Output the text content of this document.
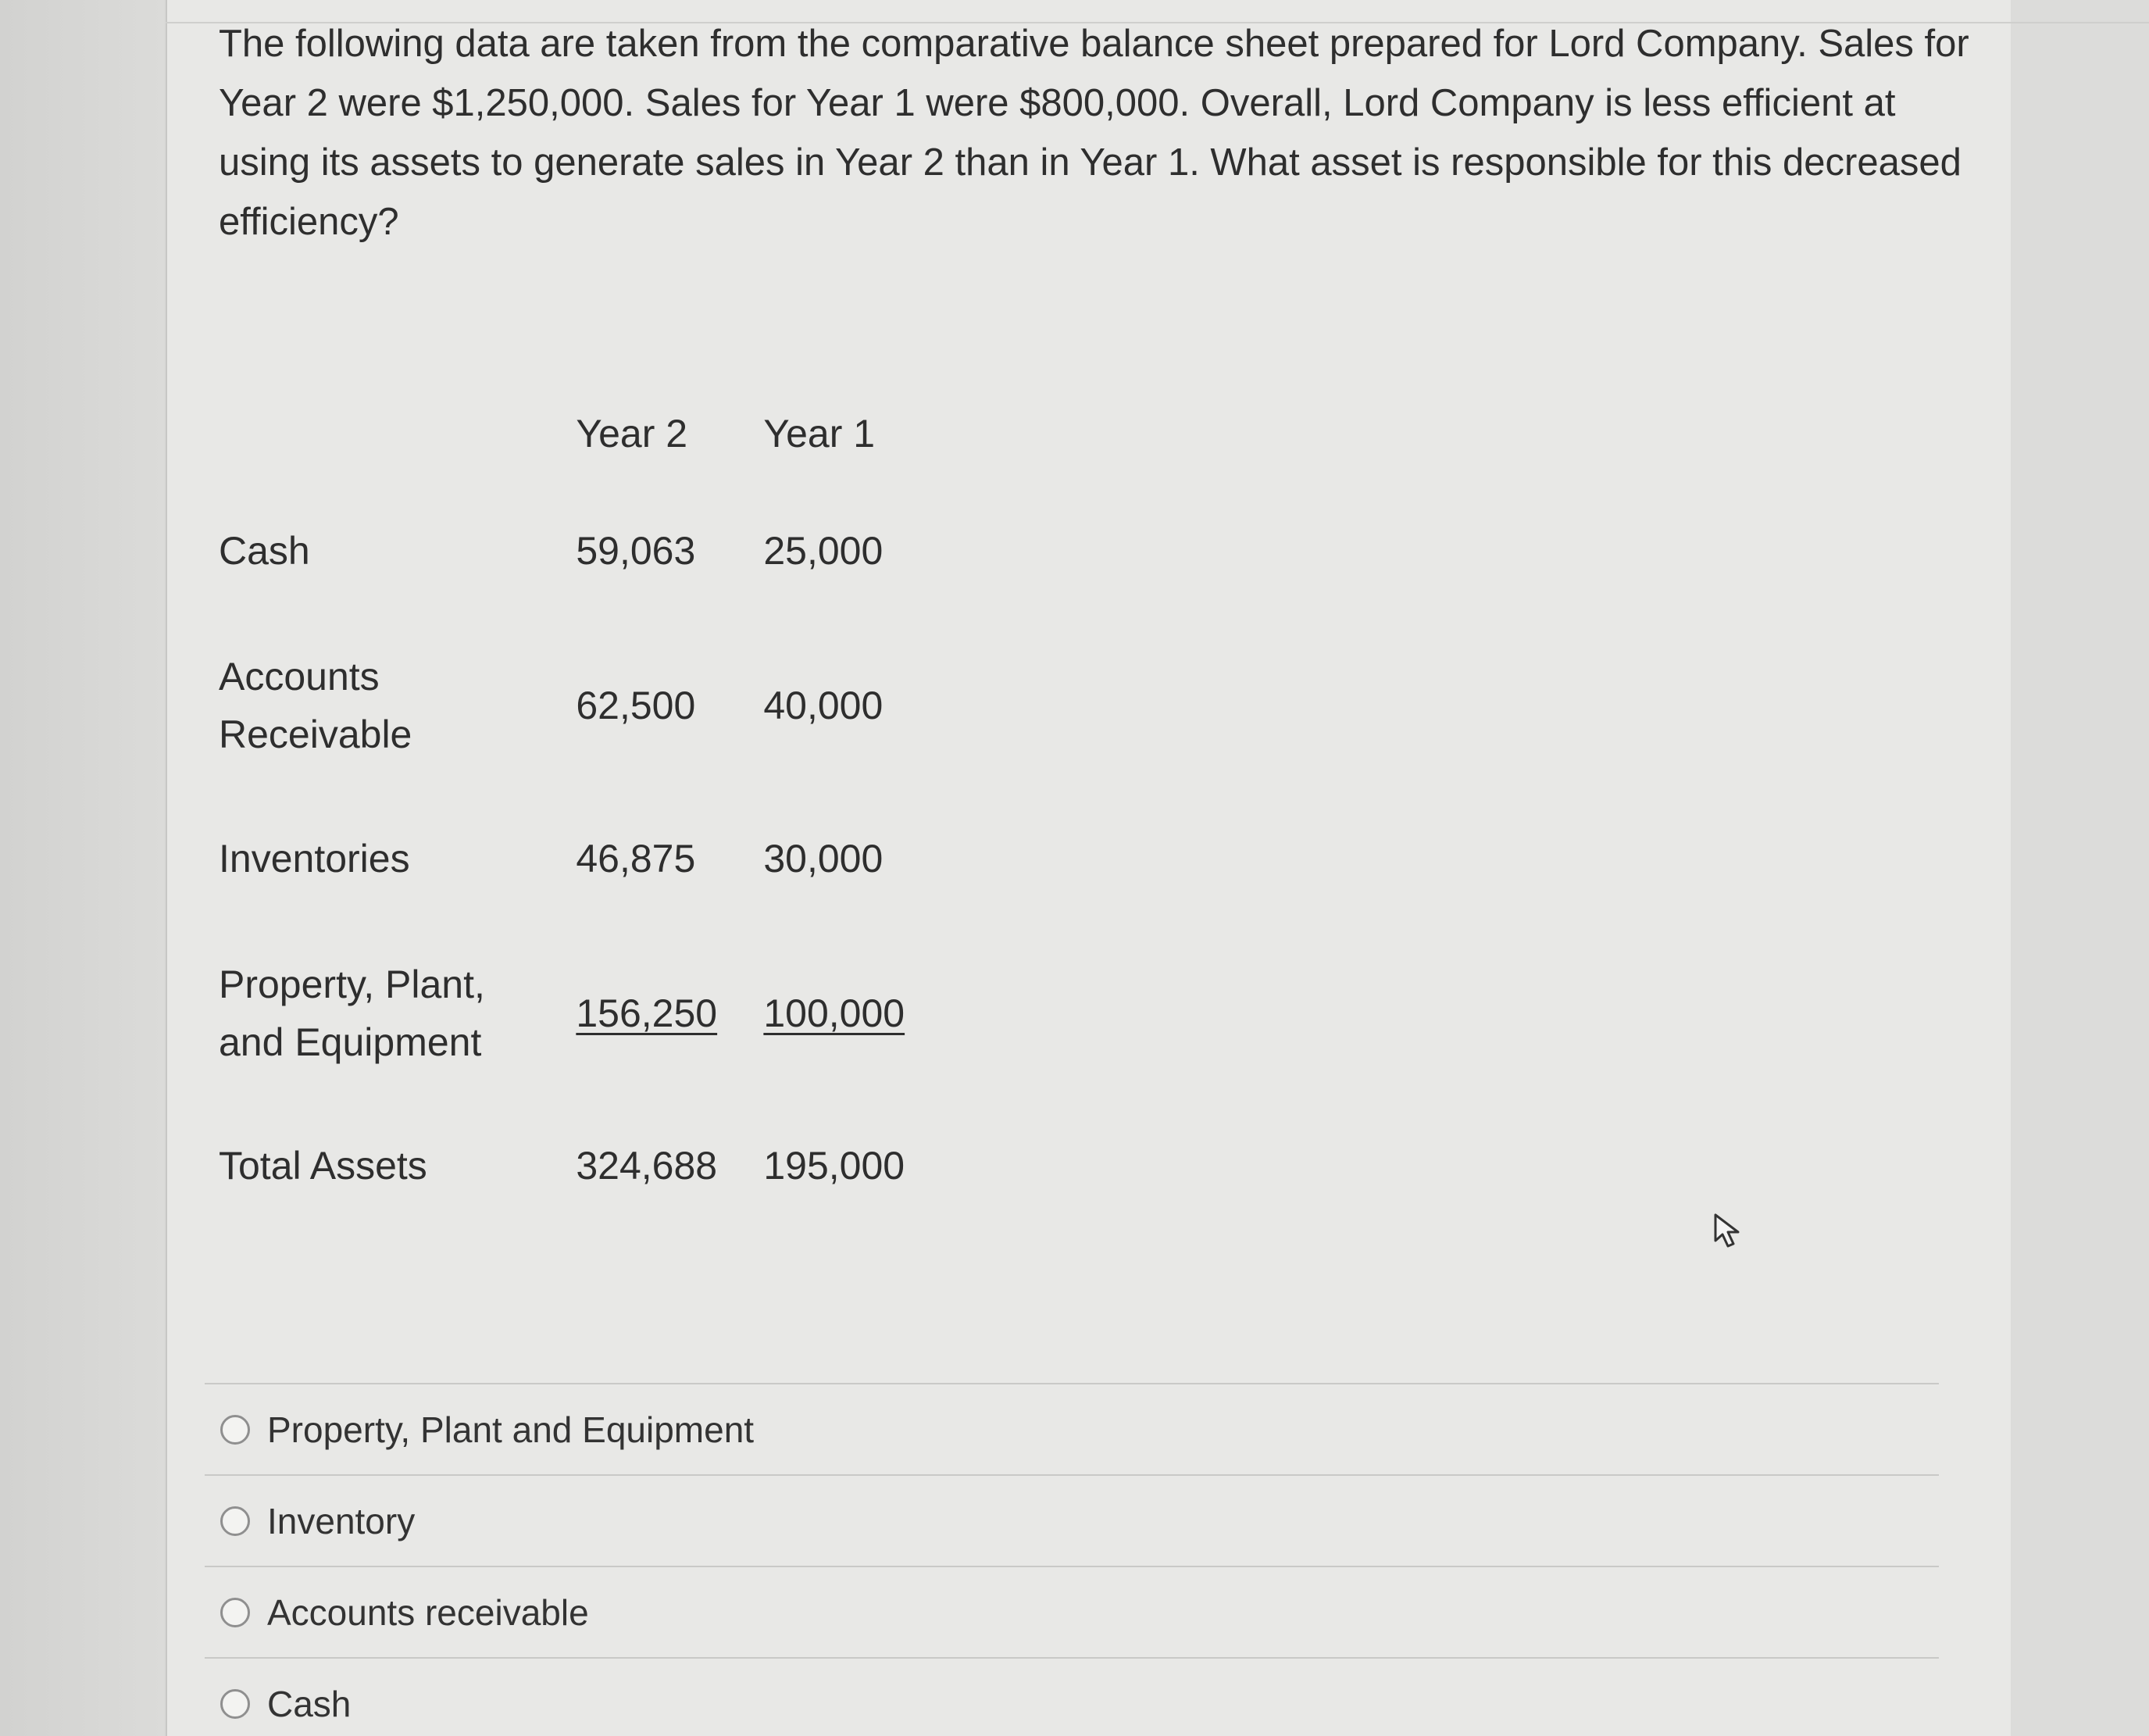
The following data are taken from the comparative balance sheet prepared for Lord Company. Sales for Year 2 were $1,250,000. Sales for Year 1 were $800,000. Overall, Lord Company is less efficient at using its assets to generate sales in Year 2 than in Year 1. What asset is responsible for this decreased efficiency?

	Year 2	Year 1
Cash	59,063	25,000
Accounts Receivable	62,500	40,000
Inventories	46,875	30,000
Property, Plant, and Equipment	156,250	100,000
Total Assets	324,688	195,000
Property, Plant and Equipment
Inventory
Accounts receivable
Cash
